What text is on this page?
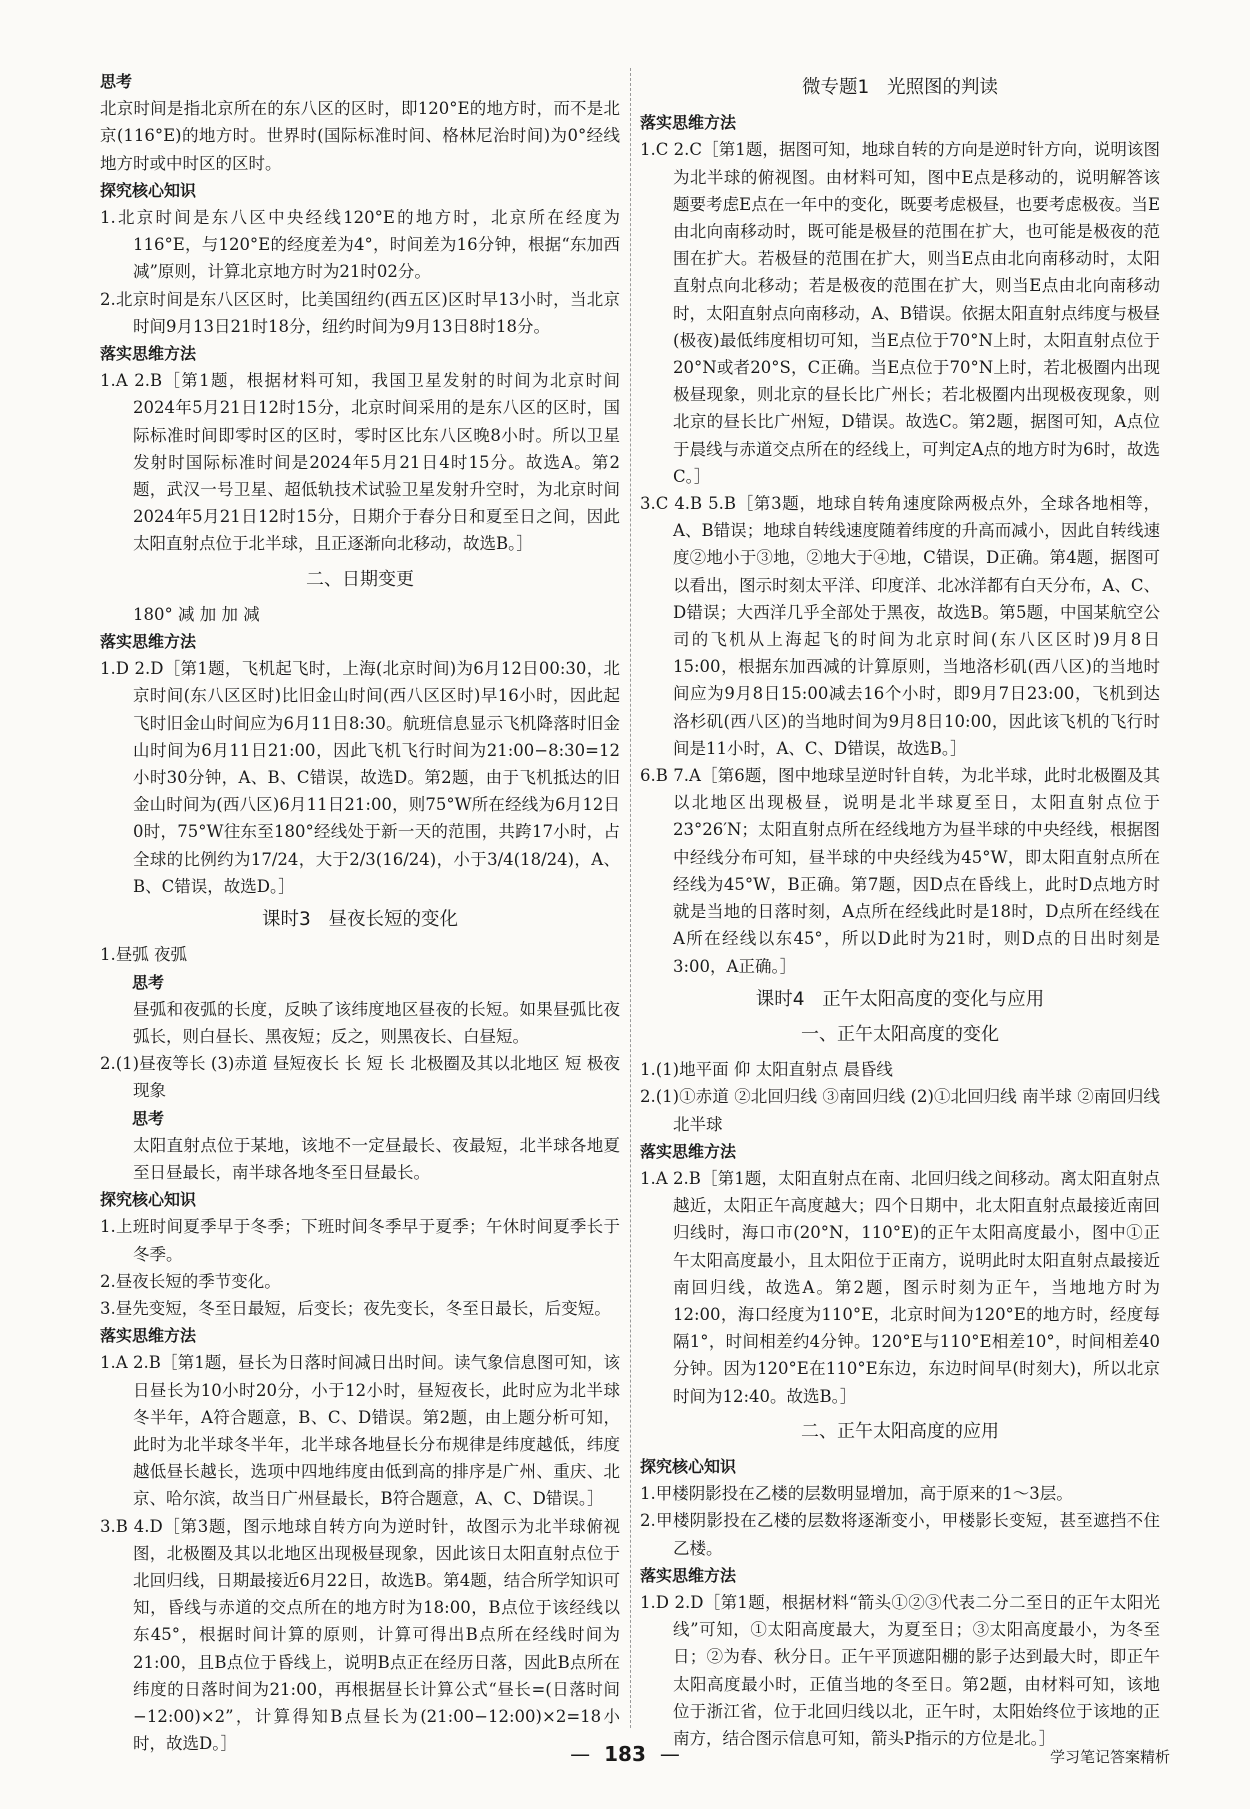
思考

北京时间是指北京所在的东八区的区时，即120°E的地方时，而不是北京(116°E)的地方时。世界时(国际标准时间、格林尼治时间)为0°经线地方时或中时区的区时。

探究核心知识

1.北京时间是东八区中央经线120°E的地方时，北京所在经度为116°E，与120°E的经度差为4°，时间差为16分钟，根据“东加西减”原则，计算北京地方时为21时02分。

2.北京时间是东八区区时，比美国纽约(西五区)区时早13小时，当北京时间9月13日21时18分，纽约时间为9月13日8时18分。

落实思维方法

1.A 2.B［第1题，根据材料可知，我国卫星发射的时间为北京时间2024年5月21日12时15分，北京时间采用的是东八区的区时，国际标准时间即零时区的区时，零时区比东八区晚8小时。所以卫星发射时国际标准时间是2024年5月21日4时15分。故选A。第2题，武汉一号卫星、超低轨技术试验卫星发射升空时，为北京时间2024年5月21日12时15分，日期介于春分日和夏至日之间，因此太阳直射点位于北半球，且正逐渐向北移动，故选B。］

二、日期变更

180° 减 加 加 减

落实思维方法

1.D 2.D［第1题，飞机起飞时，上海(北京时间)为6月12日00:30，北京时间(东八区区时)比旧金山时间(西八区区时)早16小时，因此起飞时旧金山时间应为6月11日8:30。航班信息显示飞机降落时旧金山时间为6月11日21:00，因此飞机飞行时间为21:00−8:30=12小时30分钟，A、B、C错误，故选D。第2题，由于飞机抵达的旧金山时间为(西八区)6月11日21:00，则75°W所在经线为6月12日0时，75°W往东至180°经线处于新一天的范围，共跨17小时，占全球的比例约为17/24，大于2/3(16/24)，小于3/4(18/24)，A、B、C错误，故选D。］

课时3 昼夜长短的变化

1.昼弧 夜弧

思考

昼弧和夜弧的长度，反映了该纬度地区昼夜的长短。如果昼弧比夜弧长，则白昼长、黑夜短；反之，则黑夜长、白昼短。

2.(1)昼夜等长 (3)赤道 昼短夜长 长 短 长 北极圈及其以北地区 短 极夜现象

思考

太阳直射点位于某地，该地不一定昼最长、夜最短，北半球各地夏至日昼最长，南半球各地冬至日昼最长。

探究核心知识

1.上班时间夏季早于冬季；下班时间冬季早于夏季；午休时间夏季长于冬季。

2.昼夜长短的季节变化。

3.昼先变短，冬至日最短，后变长；夜先变长，冬至日最长，后变短。

落实思维方法

1.A 2.B［第1题，昼长为日落时间减日出时间。读气象信息图可知，该日昼长为10小时20分，小于12小时，昼短夜长，此时应为北半球冬半年，A符合题意，B、C、D错误。第2题，由上题分析可知，此时为北半球冬半年，北半球各地昼长分布规律是纬度越低，纬度越低昼长越长，选项中四地纬度由低到高的排序是广州、重庆、北京、哈尔滨，故当日广州昼最长，B符合题意，A、C、D错误。］

3.B 4.D［第3题，图示地球自转方向为逆时针，故图示为北半球俯视图，北极圈及其以北地区出现极昼现象，因此该日太阳直射点位于北回归线，日期最接近6月22日，故选B。第4题，结合所学知识可知，昏线与赤道的交点所在的地方时为18:00，B点位于该经线以东45°，根据时间计算的原则，计算可得出B点所在经线时间为21:00，且B点位于昏线上，说明B点正在经历日落，因此B点所在纬度的日落时间为21:00，再根据昼长计算公式“昼长=(日落时间−12:00)×2”，计算得知B点昼长为(21:00−12:00)×2=18小时，故选D。］

微专题1 光照图的判读
落实思维方法

1.C 2.C［第1题，据图可知，地球自转的方向是逆时针方向，说明该图为北半球的俯视图。由材料可知，图中E点是移动的，说明解答该题要考虑E点在一年中的变化，既要考虑极昼，也要考虑极夜。当E由北向南移动时，既可能是极昼的范围在扩大，也可能是极夜的范围在扩大。若极昼的范围在扩大，则当E点由北向南移动时，太阳直射点向北移动；若是极夜的范围在扩大，则当E点由北向南移动时，太阳直射点向南移动，A、B错误。依据太阳直射点纬度与极昼(极夜)最低纬度相切可知，当E点位于70°N上时，太阳直射点位于20°N或者20°S，C正确。当E点位于70°N上时，若北极圈内出现极昼现象，则北京的昼长比广州长；若北极圈内出现极夜现象，则北京的昼长比广州短，D错误。故选C。第2题，据图可知，A点位于晨线与赤道交点所在的经线上，可判定A点的地方时为6时，故选C。］

3.C 4.B 5.B［第3题，地球自转角速度除两极点外，全球各地相等，A、B错误；地球自转线速度随着纬度的升高而减小，因此自转线速度②地小于③地，②地大于④地，C错误，D正确。第4题，据图可以看出，图示时刻太平洋、印度洋、北冰洋都有白天分布，A、C、D错误；大西洋几乎全部处于黑夜，故选B。第5题，中国某航空公司的飞机从上海起飞的时间为北京时间(东八区区时)9月8日15:00，根据东加西减的计算原则，当地洛杉矶(西八区)的当地时间应为9月8日15:00减去16个小时，即9月7日23:00，飞机到达洛杉矶(西八区)的当地时间为9月8日10:00，因此该飞机的飞行时间是11小时，A、C、D错误，故选B。］

6.B 7.A［第6题，图中地球呈逆时针自转，为北半球，此时北极圈及其以北地区出现极昼，说明是北半球夏至日，太阳直射点位于23°26′N；太阳直射点所在经线地方为昼半球的中央经线，根据图中经线分布可知，昼半球的中央经线为45°W，即太阳直射点所在经线为45°W，B正确。第7题，因D点在昏线上，此时D点地方时就是当地的日落时刻，A点所在经线此时是18时，D点所在经线在A所在经线以东45°，所以D此时为21时，则D点的日出时刻是3:00，A正确。］

课时4 正午太阳高度的变化与应用
一、正午太阳高度的变化

1.(1)地平面 仰 太阳直射点 晨昏线

2.(1)①赤道 ②北回归线 ③南回归线 (2)①北回归线 南半球 ②南回归线 北半球

落实思维方法

1.A 2.B［第1题，太阳直射点在南、北回归线之间移动。离太阳直射点越近，太阳正午高度越大；四个日期中，北太阳直射点最接近南回归线时，海口市(20°N，110°E)的正午太阳高度最小，图中①正午太阳高度最小，且太阳位于正南方，说明此时太阳直射点最接近南回归线，故选A。第2题，图示时刻为正午，当地地方时为12:00，海口经度为110°E，北京时间为120°E的地方时，经度每隔1°，时间相差约4分钟。120°E与110°E相差10°，时间相差40分钟。因为120°E在110°E东边，东边时间早(时刻大)，所以北京时间为12:40。故选B。］

二、正午太阳高度的应用
探究核心知识

1.甲楼阴影投在乙楼的层数明显增加，高于原来的1～3层。

2.甲楼阴影投在乙楼的层数将逐渐变小，甲楼影长变短，甚至遮挡不住乙楼。

落实思维方法

1.D 2.D［第1题，根据材料“箭头①②③代表二分二至日的正午太阳光线”可知，①太阳高度最大，为夏至日；③太阳高度最小，为冬至日；②为春、秋分日。正午平顶遮阳棚的影子达到最大时，即正午太阳高度最小时，正值当地的冬至日。第2题，由材料可知，该地位于浙江省，位于北回归线以北，正午时，太阳始终位于该地的正南方，结合图示信息可知，箭头P指示的方位是北。］

— 183 —	学习笔记答案精析
